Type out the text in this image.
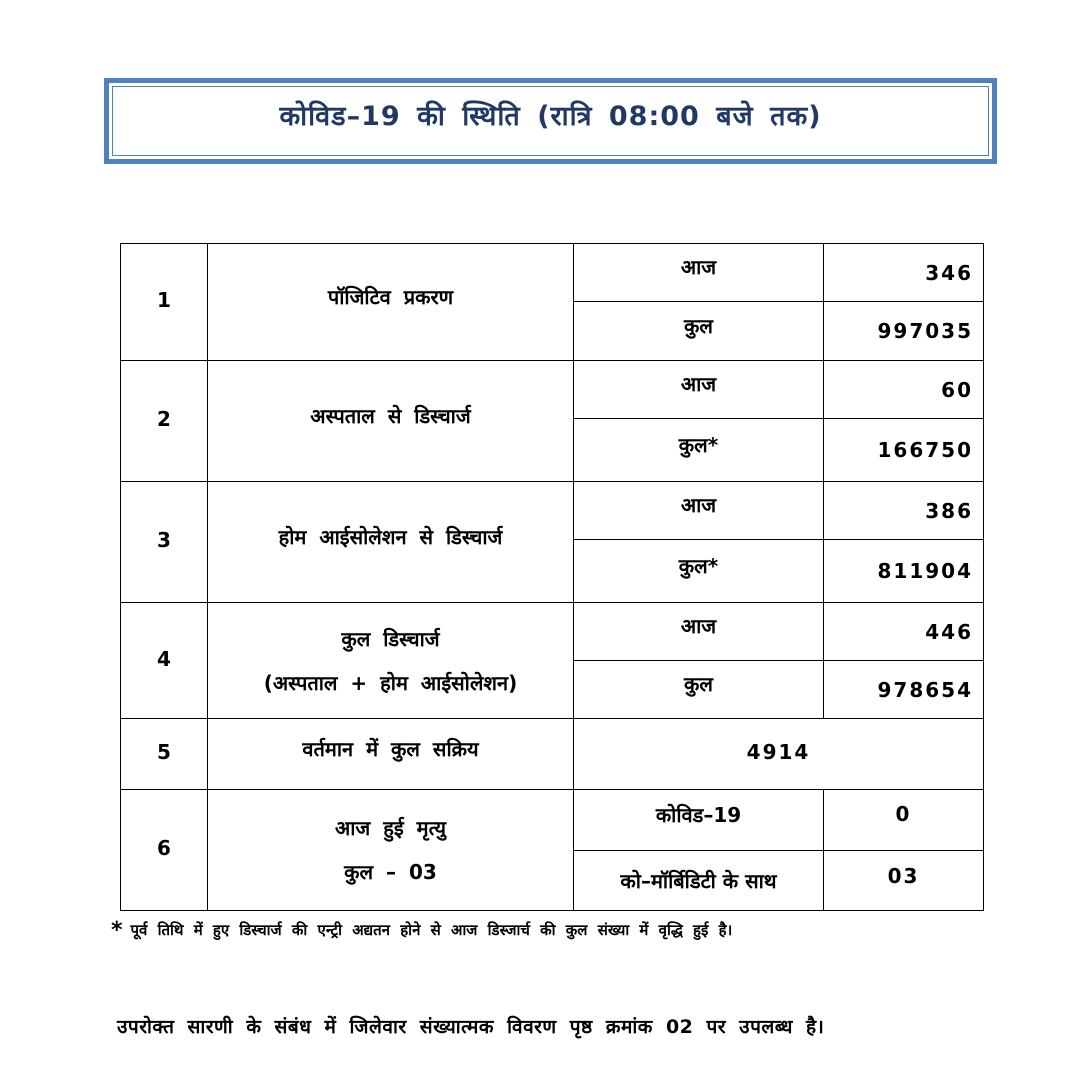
कोविड–19 की स्थिति (रात्रि 08:00 बजे तक)
1	पॉजिटिव प्रकरण	आज	346

		कुल	997035

2	अस्पताल से डिस्चार्ज	आज	60

		कुल*	166750

3	होम आईसोलेशन से डिस्चार्ज	आज	386

		कुल*	811904

4	कुल डिस्चार्ज
(अस्पताल + होम आईसोलेशन)	आज	446

		कुल	978654

5	वर्तमान में कुल सक्रिय	4914	

6	आज हुई मृत्यु
कुल – 03	कोविड–19	0

		को–मॉर्बिडिटी के साथ	03
* पूर्व तिथि में हुए डिस्चार्ज की एन्ट्री अद्यतन होने से आज डिस्जार्च की कुल संख्या में वृद्धि हुई है।
उपरोक्त सारणी के संबंध में जिलेवार संख्यात्मक विवरण पृष्ठ क्रमांक 02 पर उपलब्ध है।
